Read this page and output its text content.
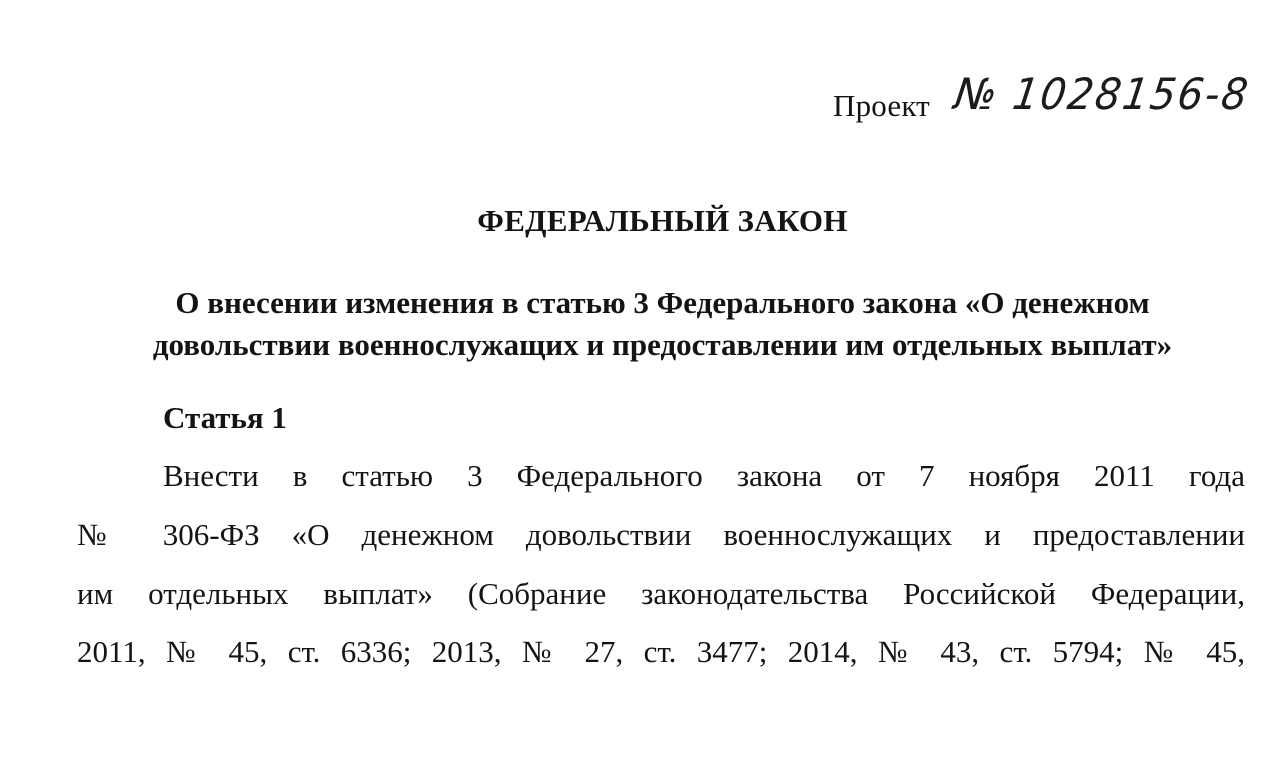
Проект № 1028156-8
ФЕДЕРАЛЬНЫЙ ЗАКОН
О внесении изменения в статью 3 Федерального закона «О денежном
довольствии военнослужащих и предоставлении им отдельных выплат»
Статья 1
Внести в статью 3 Федерального закона от 7 ноября 2011 года
№ 306-ФЗ «О денежном довольствии военнослужащих и предоставлении
им отдельных выплат» (Собрание законодательства Российской Федерации,
2011, № 45, ст. 6336; 2013, № 27, ст. 3477; 2014, № 43, ст. 5794; № 45,
